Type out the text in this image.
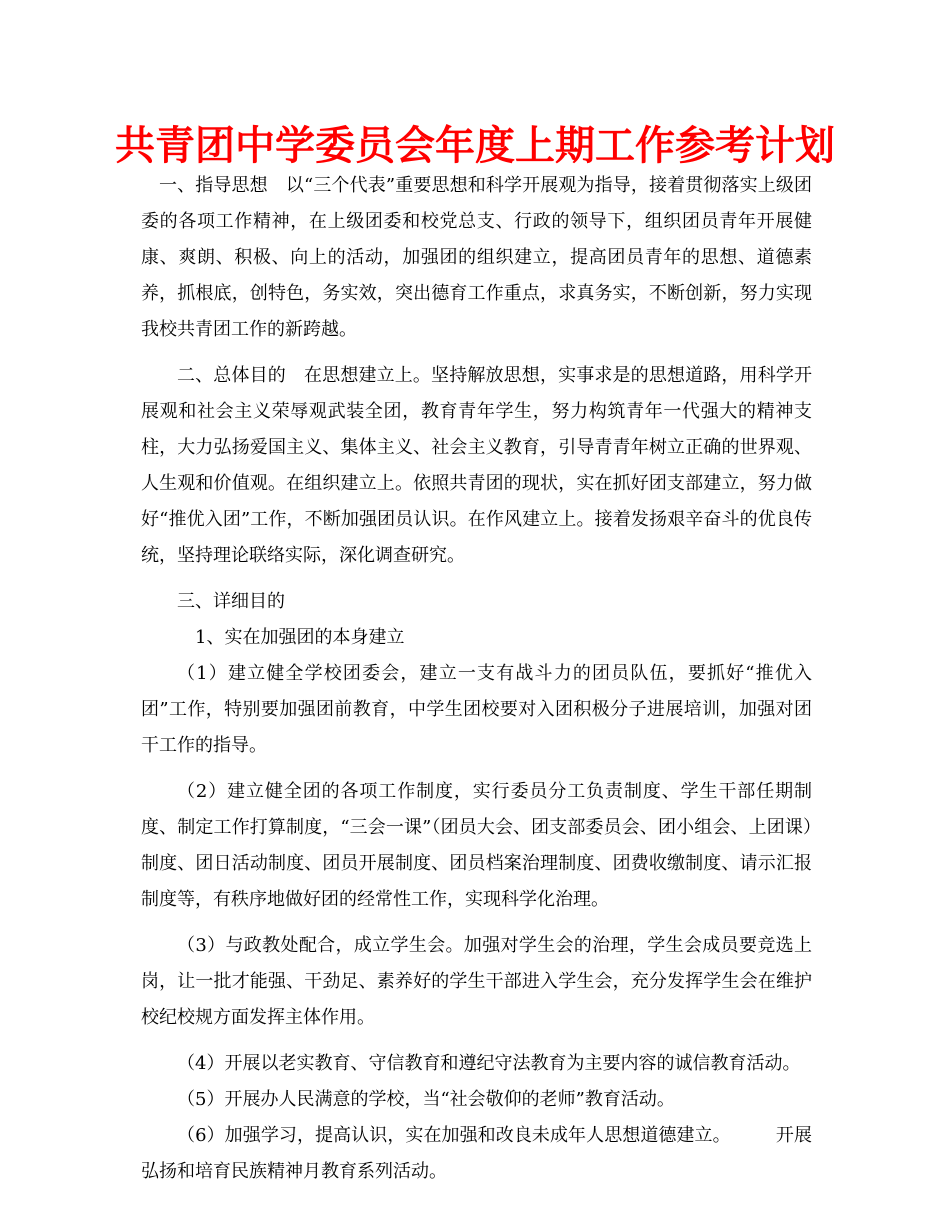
共青团中学委员会年度上期工作参考计划

一、指导思想　以“三个代表”重要思想和科学开展观为指导，接着贯彻落实上级团委的各项工作精神，在上级团委和校党总支、行政的领导下，组织团员青年开展健康、爽朗、积极、向上的活动，加强团的组织建立，提高团员青年的思想、道德素养，抓根底，创特色，务实效，突出德育工作重点，求真务实，不断创新，努力实现我校共青团工作的新跨越。

二、总体目的　在思想建立上。坚持解放思想，实事求是的思想道路，用科学开展观和社会主义荣辱观武装全团，教育青年学生，努力构筑青年一代强大的精神支柱，大力弘扬爱国主义、集体主义、社会主义教育，引导青青年树立正确的世界观、人生观和价值观。在组织建立上。依照共青团的现状，实在抓好团支部建立，努力做好“推优入团”工作，不断加强团员认识。在作风建立上。接着发扬艰辛奋斗的优良传统，坚持理论联络实际，深化调查研究。

三、详细目的

1、实在加强团的本身建立

（1）建立健全学校团委会，建立一支有战斗力的团员队伍，要抓好“推优入团”工作，特别要加强团前教育，中学生团校要对入团积极分子进展培训，加强对团干工作的指导。

（2）建立健全团的各项工作制度，实行委员分工负责制度、学生干部任期制度、制定工作打算制度，“三会一课”（团员大会、团支部委员会、团小组会、上团课）制度、团日活动制度、团员开展制度、团员档案治理制度、团费收缴制度、请示汇报制度等，有秩序地做好团的经常性工作，实现科学化治理。

（3）与政教处配合，成立学生会。加强对学生会的治理，学生会成员要竞选上岗，让一批才能强、干劲足、素养好的学生干部进入学生会，充分发挥学生会在维护校纪校规方面发挥主体作用。

（4）开展以老实教育、守信教育和遵纪守法教育为主要内容的诚信教育活动。

（5）开展办人民满意的学校，当“社会敬仰的老师”教育活动。

（6）加强学习，提高认识，实在加强和改良未成年人思想道德建立。　　　开展弘扬和培育民族精神月教育系列活动。
